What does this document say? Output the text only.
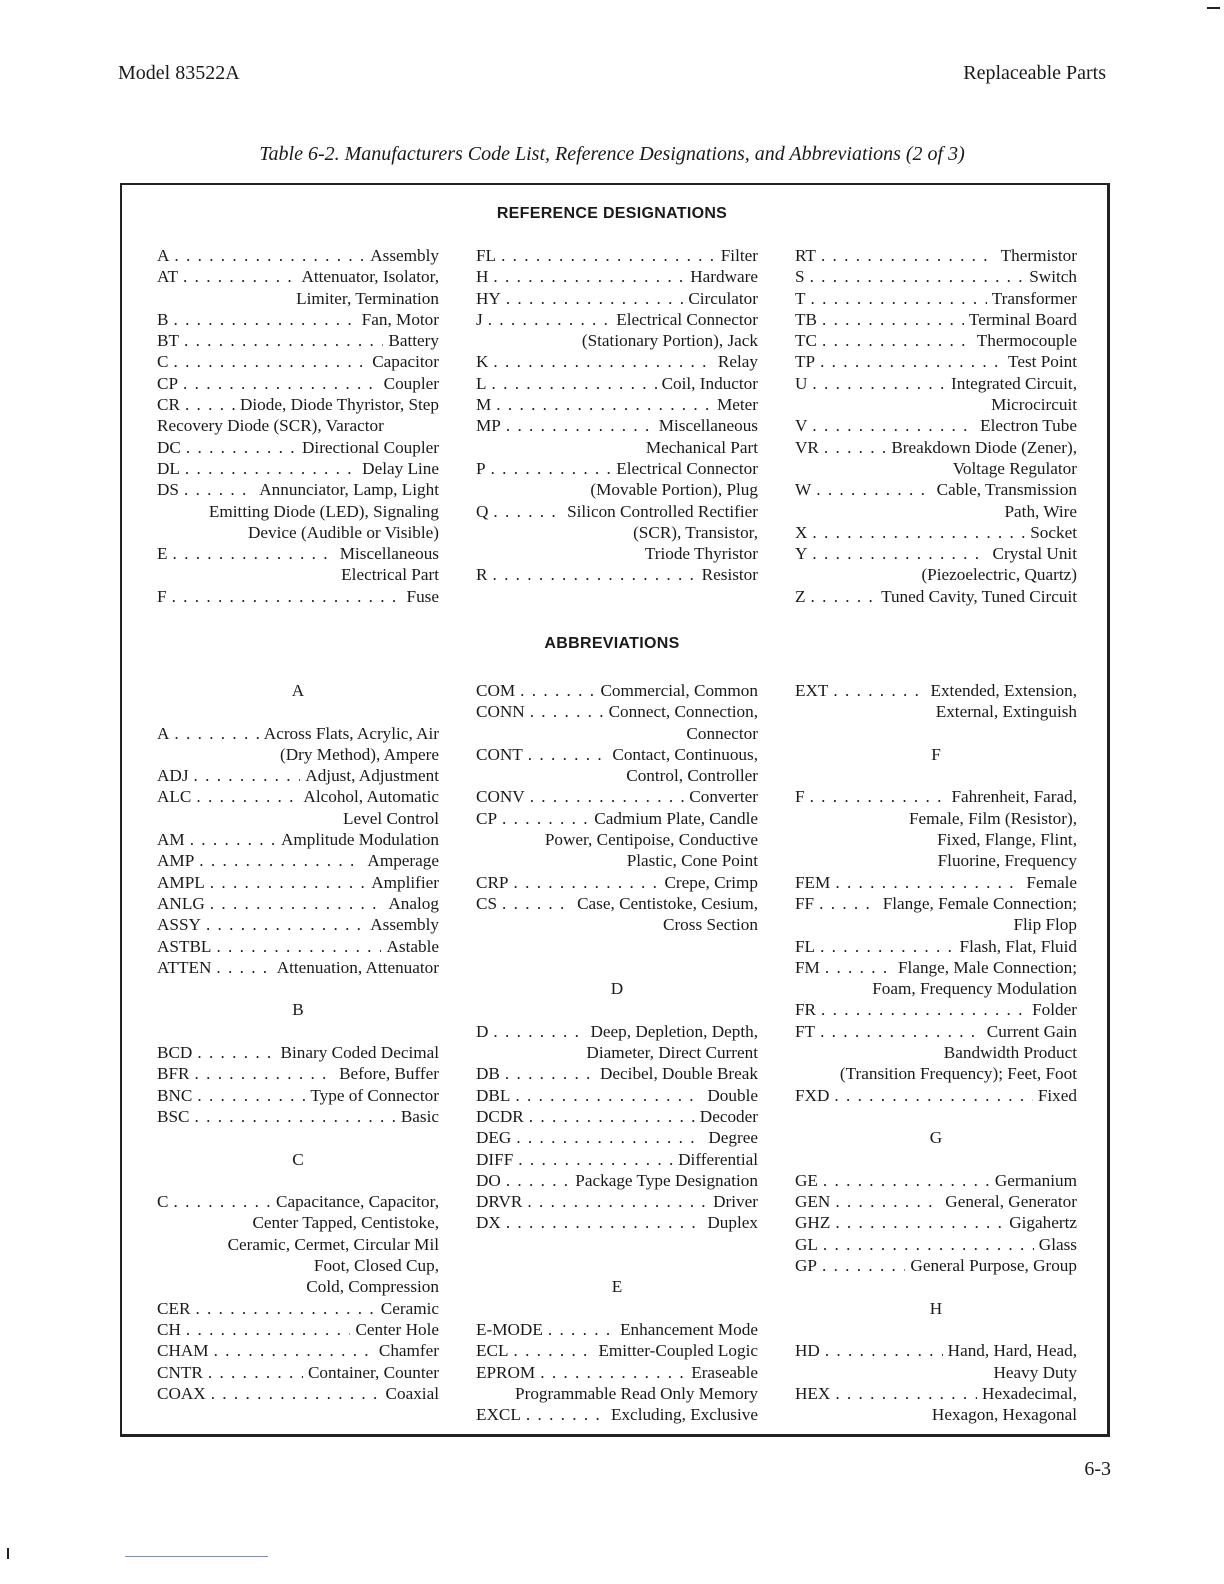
Model 83522A	Replaceable Parts
Table 6-2. Manufacturers Code List, Reference Designations, and Abbreviations (2 of 3)
REFERENCE DESIGNATIONS
A . . .	Assembly
AT . . .	Attenuator, Isolator,
Limiter, Termination
B . . .	Fan, Motor
BT . . .	Battery
C . . .	Capacitor
CP . . .	Coupler
CR . . .	Diode, Diode Thyristor, Step
Recovery Diode (SCR), Varactor
DC . . .	Directional Coupler
DL . . .	Delay Line
DS . . .	Annunciator, Lamp, Light
Emitting Diode (LED), Signaling
Device (Audible or Visible)
E . . .	Miscellaneous
Electrical Part
F . . .	Fuse
FL . . .	Filter
H . . .	Hardware
HY . . .	Circulator
J . . .	Electrical Connector
(Stationary Portion), Jack
K . . .	Relay
L . . .	Coil, Inductor
M . . .	Meter
MP . . .	Miscellaneous
Mechanical Part
P . . .	Electrical Connector
(Movable Portion), Plug
Q . . .	Silicon Controlled Rectifier
(SCR), Transistor,
Triode Thyristor
R . . .	Resistor
RT . . .	Thermistor
S . . .	Switch
T . . .	Transformer
TB . . .	Terminal Board
TC . . .	Thermocouple
TP . . .	Test Point
U . . .	Integrated Circuit,
Microcircuit
V . . .	Electron Tube
VR . . .	Breakdown Diode (Zener),
Voltage Regulator
W . . .	Cable, Transmission
Path, Wire
X . . .	Socket
Y . . .	Crystal Unit
(Piezoelectric, Quartz)
Z . . .	Tuned Cavity, Tuned Circuit
ABBREVIATIONS
A
A . . .	Across Flats, Acrylic, Air
(Dry Method), Ampere
ADJ . . .	Adjust, Adjustment
ALC . . .	Alcohol, Automatic
Level Control
AM . . .	Amplitude Modulation
AMP . . .	Amperage
AMPL . . .	Amplifier
ANLG . . .	Analog
ASSY . . .	Assembly
ASTBL . . .	Astable
ATTEN . . .	Attenuation, Attenuator
B
BCD . . .	Binary Coded Decimal
BFR . . .	Before, Buffer
BNC . . .	Type of Connector
BSC . . .	Basic
C
C . . .	Capacitance, Capacitor,
Center Tapped, Centistoke,
Ceramic, Cermet, Circular Mil
Foot, Closed Cup,
Cold, Compression
CER . . .	Ceramic
CH . . .	Center Hole
CHAM . . .	Chamfer
CNTR . . .	Container, Counter
COAX . . .	Coaxial
COM . . .	Commercial, Common
CONN . . .	Connect, Connection,
Connector
CONT . . .	Contact, Continuous,
Control, Controller
CONV . . .	Converter
CP . . .	Cadmium Plate, Candle
Power, Centipoise, Conductive
Plastic, Cone Point
CRP . . .	Crepe, Crimp
CS . . .	Case, Centistoke, Cesium,
Cross Section
D
D . . .	Deep, Depletion, Depth,
Diameter, Direct Current
DB . . .	Decibel, Double Break
DBL . . .	Double
DCDR . . .	Decoder
DEG . . .	Degree
DIFF . . .	Differential
DO . . .	Package Type Designation
DRVR . . .	Driver
DX . . .	Duplex
E
E-MODE . . .	Enhancement Mode
ECL . . .	Emitter-Coupled Logic
EPROM . . .	Eraseable
Programmable Read Only Memory
EXCL . . .	Excluding, Exclusive
EXT . . .	Extended, Extension,
External, Extinguish
F
F . . .	Fahrenheit, Farad,
Female, Film (Resistor),
Fixed, Flange, Flint,
Fluorine, Frequency
FEM . . .	Female
FF . . .	Flange, Female Connection;
Flip Flop
FL . . .	Flash, Flat, Fluid
FM . . .	Flange, Male Connection;
Foam, Frequency Modulation
FR . . .	Folder
FT . . .	Current Gain
Bandwidth Product
(Transition Frequency); Feet, Foot
FXD . . .	Fixed
G
GE . . .	Germanium
GEN . . .	General, Generator
GHZ . . .	Gigahertz
GL . . .	Glass
GP . . .	General Purpose, Group
H
HD . . .	Hand, Hard, Head,
Heavy Duty
HEX . . .	Hexadecimal,
Hexagon, Hexagonal
6-3
